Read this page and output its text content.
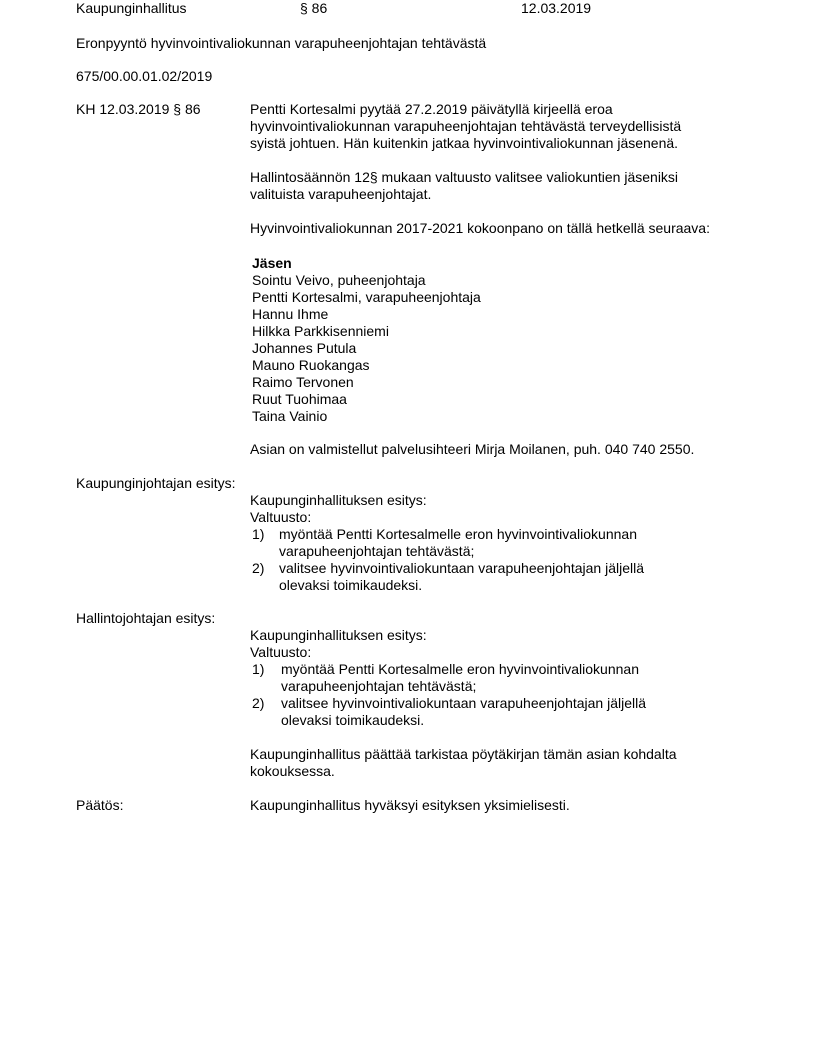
Kaupunginhallitus	§ 86	12.03.2019
Eronpyyntö hyvinvointivaliokunnan varapuheenjohtajan tehtävästä
675/00.00.01.02/2019
KH 12.03.2019 § 86	Pentti Kortesalmi pyytää 27.2.2019 päivätyllä kirjeellä eroa

hyvinvointivaliokunnan varapuheenjohtajan tehtävästä terveydellisistä

syistä johtuen. Hän kuitenkin jatkaa hyvinvointivaliokunnan jäsenenä.

Hallintosäännön 12§ mukaan valtuusto valitsee valiokuntien jäseniksi

valituista varapuheenjohtajat.

Hyvinvointivaliokunnan 2017-2021 kokoonpano on tällä hetkellä seuraava:

Jäsen
Sointu Veivo, puheenjohtaja
Pentti Kortesalmi, varapuheenjohtaja
Hannu Ihme
Hilkka Parkkisenniemi
Johannes Putula
Mauno Ruokangas
Raimo Tervonen
Ruut Tuohimaa
Taina Vainio
Asian on valmistellut palvelusihteeri Mirja Moilanen, puh. 040 740 2550.
Kaupunginjohtajan esitys:
Kaupunginhallituksen esitys:
Valtuusto:
1) myöntää Pentti Kortesalmelle eron hyvinvointivaliokunnan
varapuheenjohtajan tehtävästä;
2) valitsee hyvinvointivaliokuntaan varapuheenjohtajan jäljellä
olevaksi toimikaudeksi.
Hallintojohtajan esitys:
Kaupunginhallituksen esitys:
Valtuusto:
1) myöntää Pentti Kortesalmelle eron hyvinvointivaliokunnan
varapuheenjohtajan tehtävästä;
2) valitsee hyvinvointivaliokuntaan varapuheenjohtajan jäljellä
olevaksi toimikaudeksi.

Kaupunginhallitus päättää tarkistaa pöytäkirjan tämän asian kohdalta

kokouksessa.

Päätös:	Kaupunginhallitus hyväksyi esityksen yksimielisesti.
